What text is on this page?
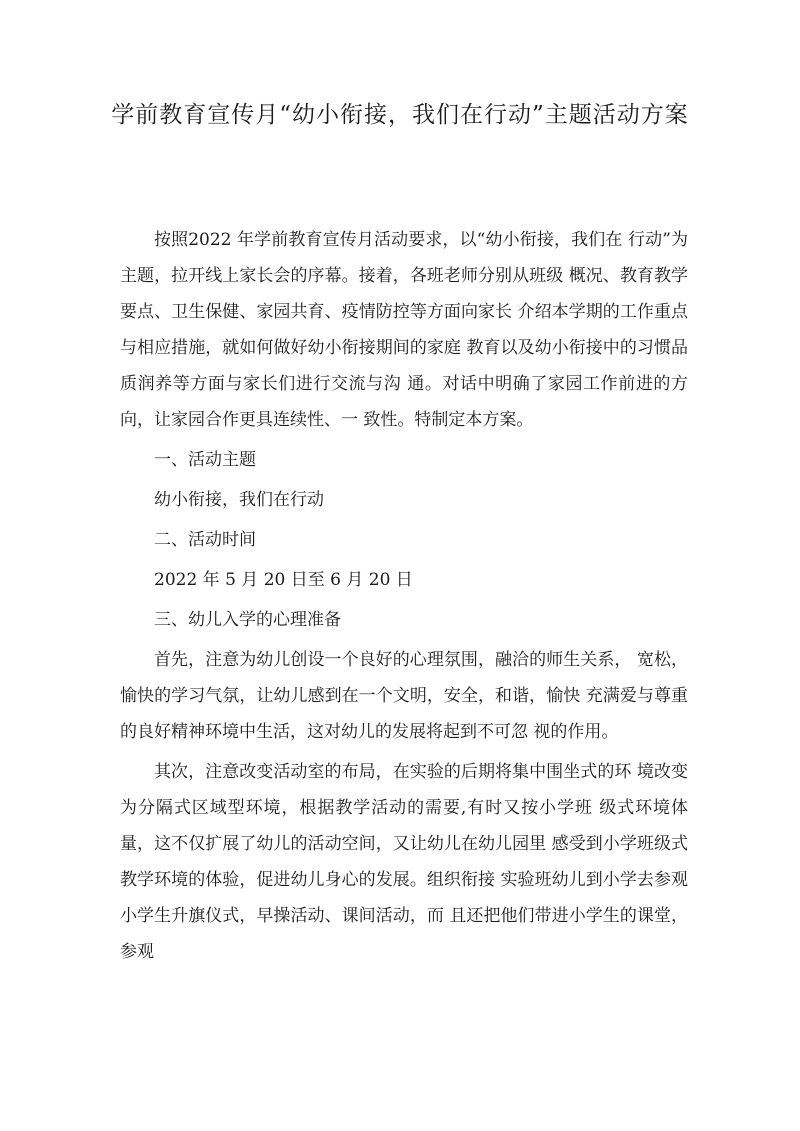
学前教育宣传月“幼小衔接，我们在行动”主题活动方案

按照2022 年学前教育宣传月活动要求，以“幼小衔接，我们在 行动”为主题，拉开线上家长会的序幕。接着，各班老师分别从班级 概况、教育教学要点、卫生保健、家园共育、疫情防控等方面向家长 介绍本学期的工作重点与相应措施，就如何做好幼小衔接期间的家庭 教育以及幼小衔接中的习惯品质润养等方面与家长们进行交流与沟 通。对话中明确了家园工作前进的方向，让家园合作更具连续性、一 致性。特制定本方案。

一、活动主题

幼小衔接，我们在行动

二、活动时间

2022 年 5 月 20 日至 6 月 20 日

三、幼儿入学的心理准备

首先，注意为幼儿创设一个良好的心理氛围，融洽的师生关系， 宽松，愉快的学习气氛，让幼儿感到在一个文明，安全，和谐，愉快 充满爱与尊重的良好精神环境中生活，这对幼儿的发展将起到不可忽 视的作用。

其次，注意改变活动室的布局，在实验的后期将集中围坐式的环 境改变为分隔式区域型环境，根据教学活动的需要,有时又按小学班 级式环境体量，这不仅扩展了幼儿的活动空间，又让幼儿在幼儿园里 感受到小学班级式教学环境的体验，促进幼儿身心的发展。组织衔接 实验班幼儿到小学去参观小学生升旗仪式，早操活动、课间活动，而 且还把他们带进小学生的课堂，参观
